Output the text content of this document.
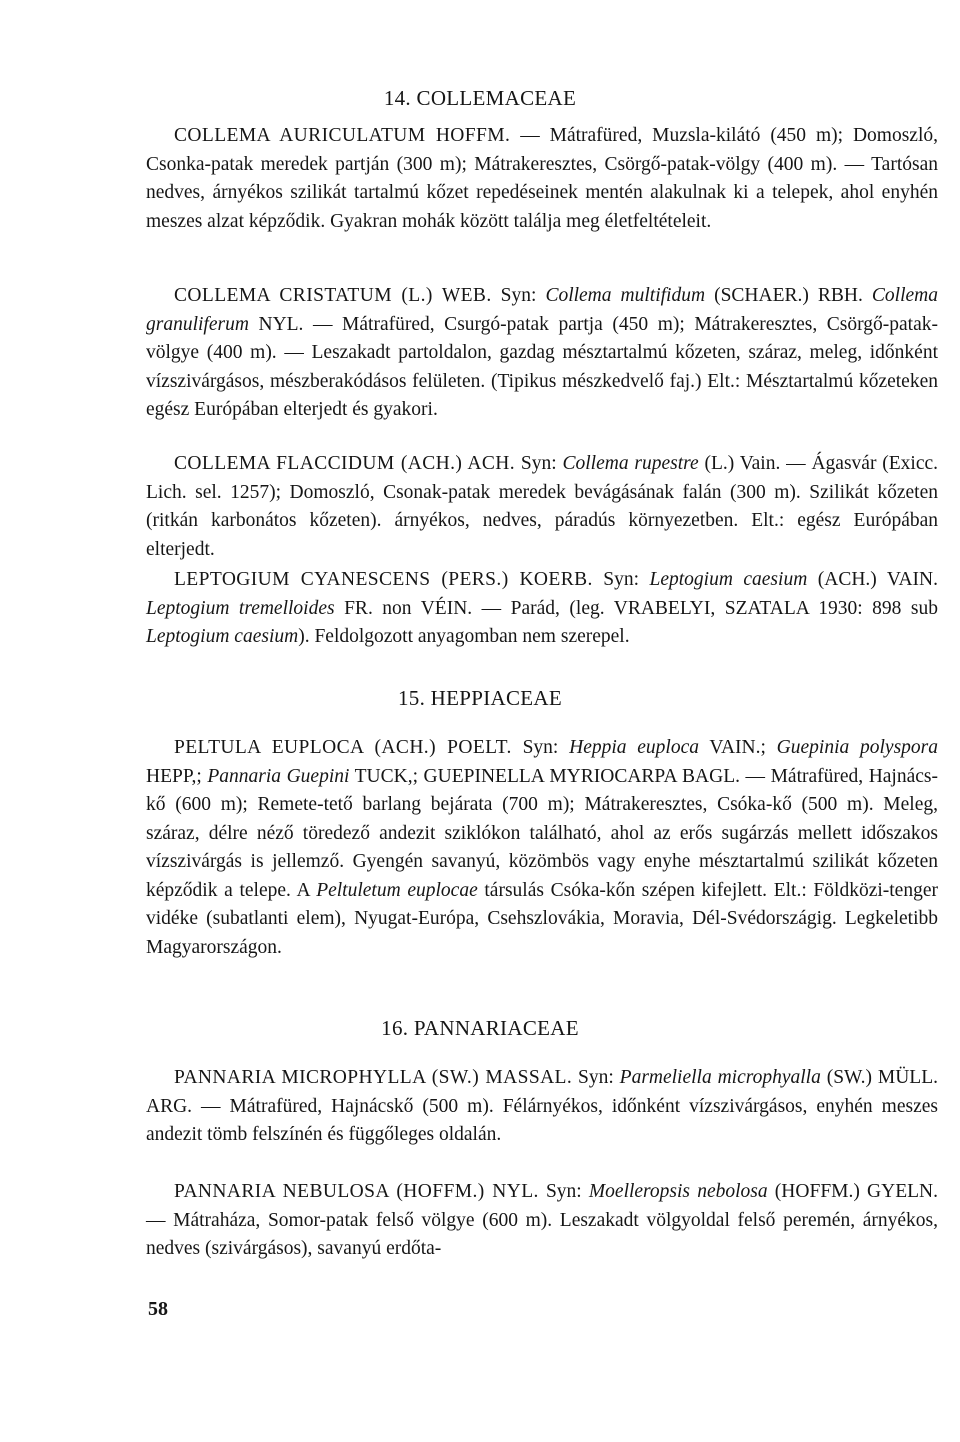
14. COLLEMACEAE

COLLEMA AURICULATUM HOFFM. — Mátrafüred, Muzsla-kilátó (450 m); Domoszló, Csonka-patak meredek partján (300 m); Mátrakeresztes, Csörgő-patak-völgy (400 m). — Tartósan nedves, árnyékos szilikát tartalmú kőzet repedéseinek mentén alakulnak ki a telepek, ahol enyhén meszes alzat képződik. Gyakran mohák között találja meg életfeltételeit.

COLLEMA CRISTATUM (L.) WEB. Syn: Collema multifidum (SCHAER.) RBH. Collema granuliferum NYL. — Mátrafüred, Csurgó-patak partja (450 m); Mátrakeresztes, Csörgő-patak-völgye (400 m). — Leszakadt partoldalon, gazdag mésztartalmú kőzeten, száraz, meleg, időnként vízszivárgásos, mészberakódásos felületen. (Tipikus mészkedvelő faj.) Elt.: Mésztartalmú kőzeteken egész Európában elterjedt és gyakori.

COLLEMA FLACCIDUM (ACH.) ACH. Syn: Collema rupestre (L.) Vain. — Ágasvár (Exicc. Lich. sel. 1257); Domoszló, Csonak-patak meredek bevágásának falán (300 m). Szilikát kőzeten (ritkán karbonátos kőzeten). árnyékos, nedves, páradús környezetben. Elt.: egész Európában elterjedt.

LEPTOGIUM CYANESCENS (PERS.) KOERB. Syn: Leptogium caesium (ACH.) VAIN. Leptogium tremelloides FR. non VÉIN. — Parád, (leg. VRABELYI, SZATALA 1930: 898 sub Leptogium caesium). Feldolgozott anyagomban nem szerepel.

15. HEPPIACEAE

PELTULA EUPLOCA (ACH.) POELT. Syn: Heppia euploca VAIN.; Guepinia polyspora HEPP,; Pannaria Guepini TUCK,; GUEPINELLA MYRIOCARPA BAGL. — Mátrafüred, Hajnács-kő (600 m); Remete-tető barlang bejárata (700 m); Mátrakeresztes, Csóka-kő (500 m). Meleg, száraz, délre néző töredező andezit sziklókon található, ahol az erős sugárzás mellett időszakos vízszivárgás is jellemző. Gyengén savanyú, közömbös vagy enyhe mésztartalmú szilikát kőzeten képződik a telepe. A Peltuletum euplocae társulás Csóka-kőn szépen kifejlett. Elt.: Földközi-tenger vidéke (subatlanti elem), Nyugat-Európa, Csehszlovákia, Moravia, Dél-Svédországig. Legkeletibb Magyarországon.

16. PANNARIACEAE

PANNARIA MICROPHYLLA (SW.) MASSAL. Syn: Parmeliella microphyalla (SW.) MÜLL. ARG. — Mátrafüred, Hajnácskő (500 m). Félárnyékos, időnként vízszivárgásos, enyhén meszes andezit tömb felszínén és függőleges oldalán.

PANNARIA NEBULOSA (HOFFM.) NYL. Syn: Moelleropsis nebolosa (HOFFM.) GYELN. — Mátraháza, Somor-patak felső völgye (600 m). Leszakadt völgyoldal felső peremén, árnyékos, nedves (szivárgásos), savanyú erdőta-

58
